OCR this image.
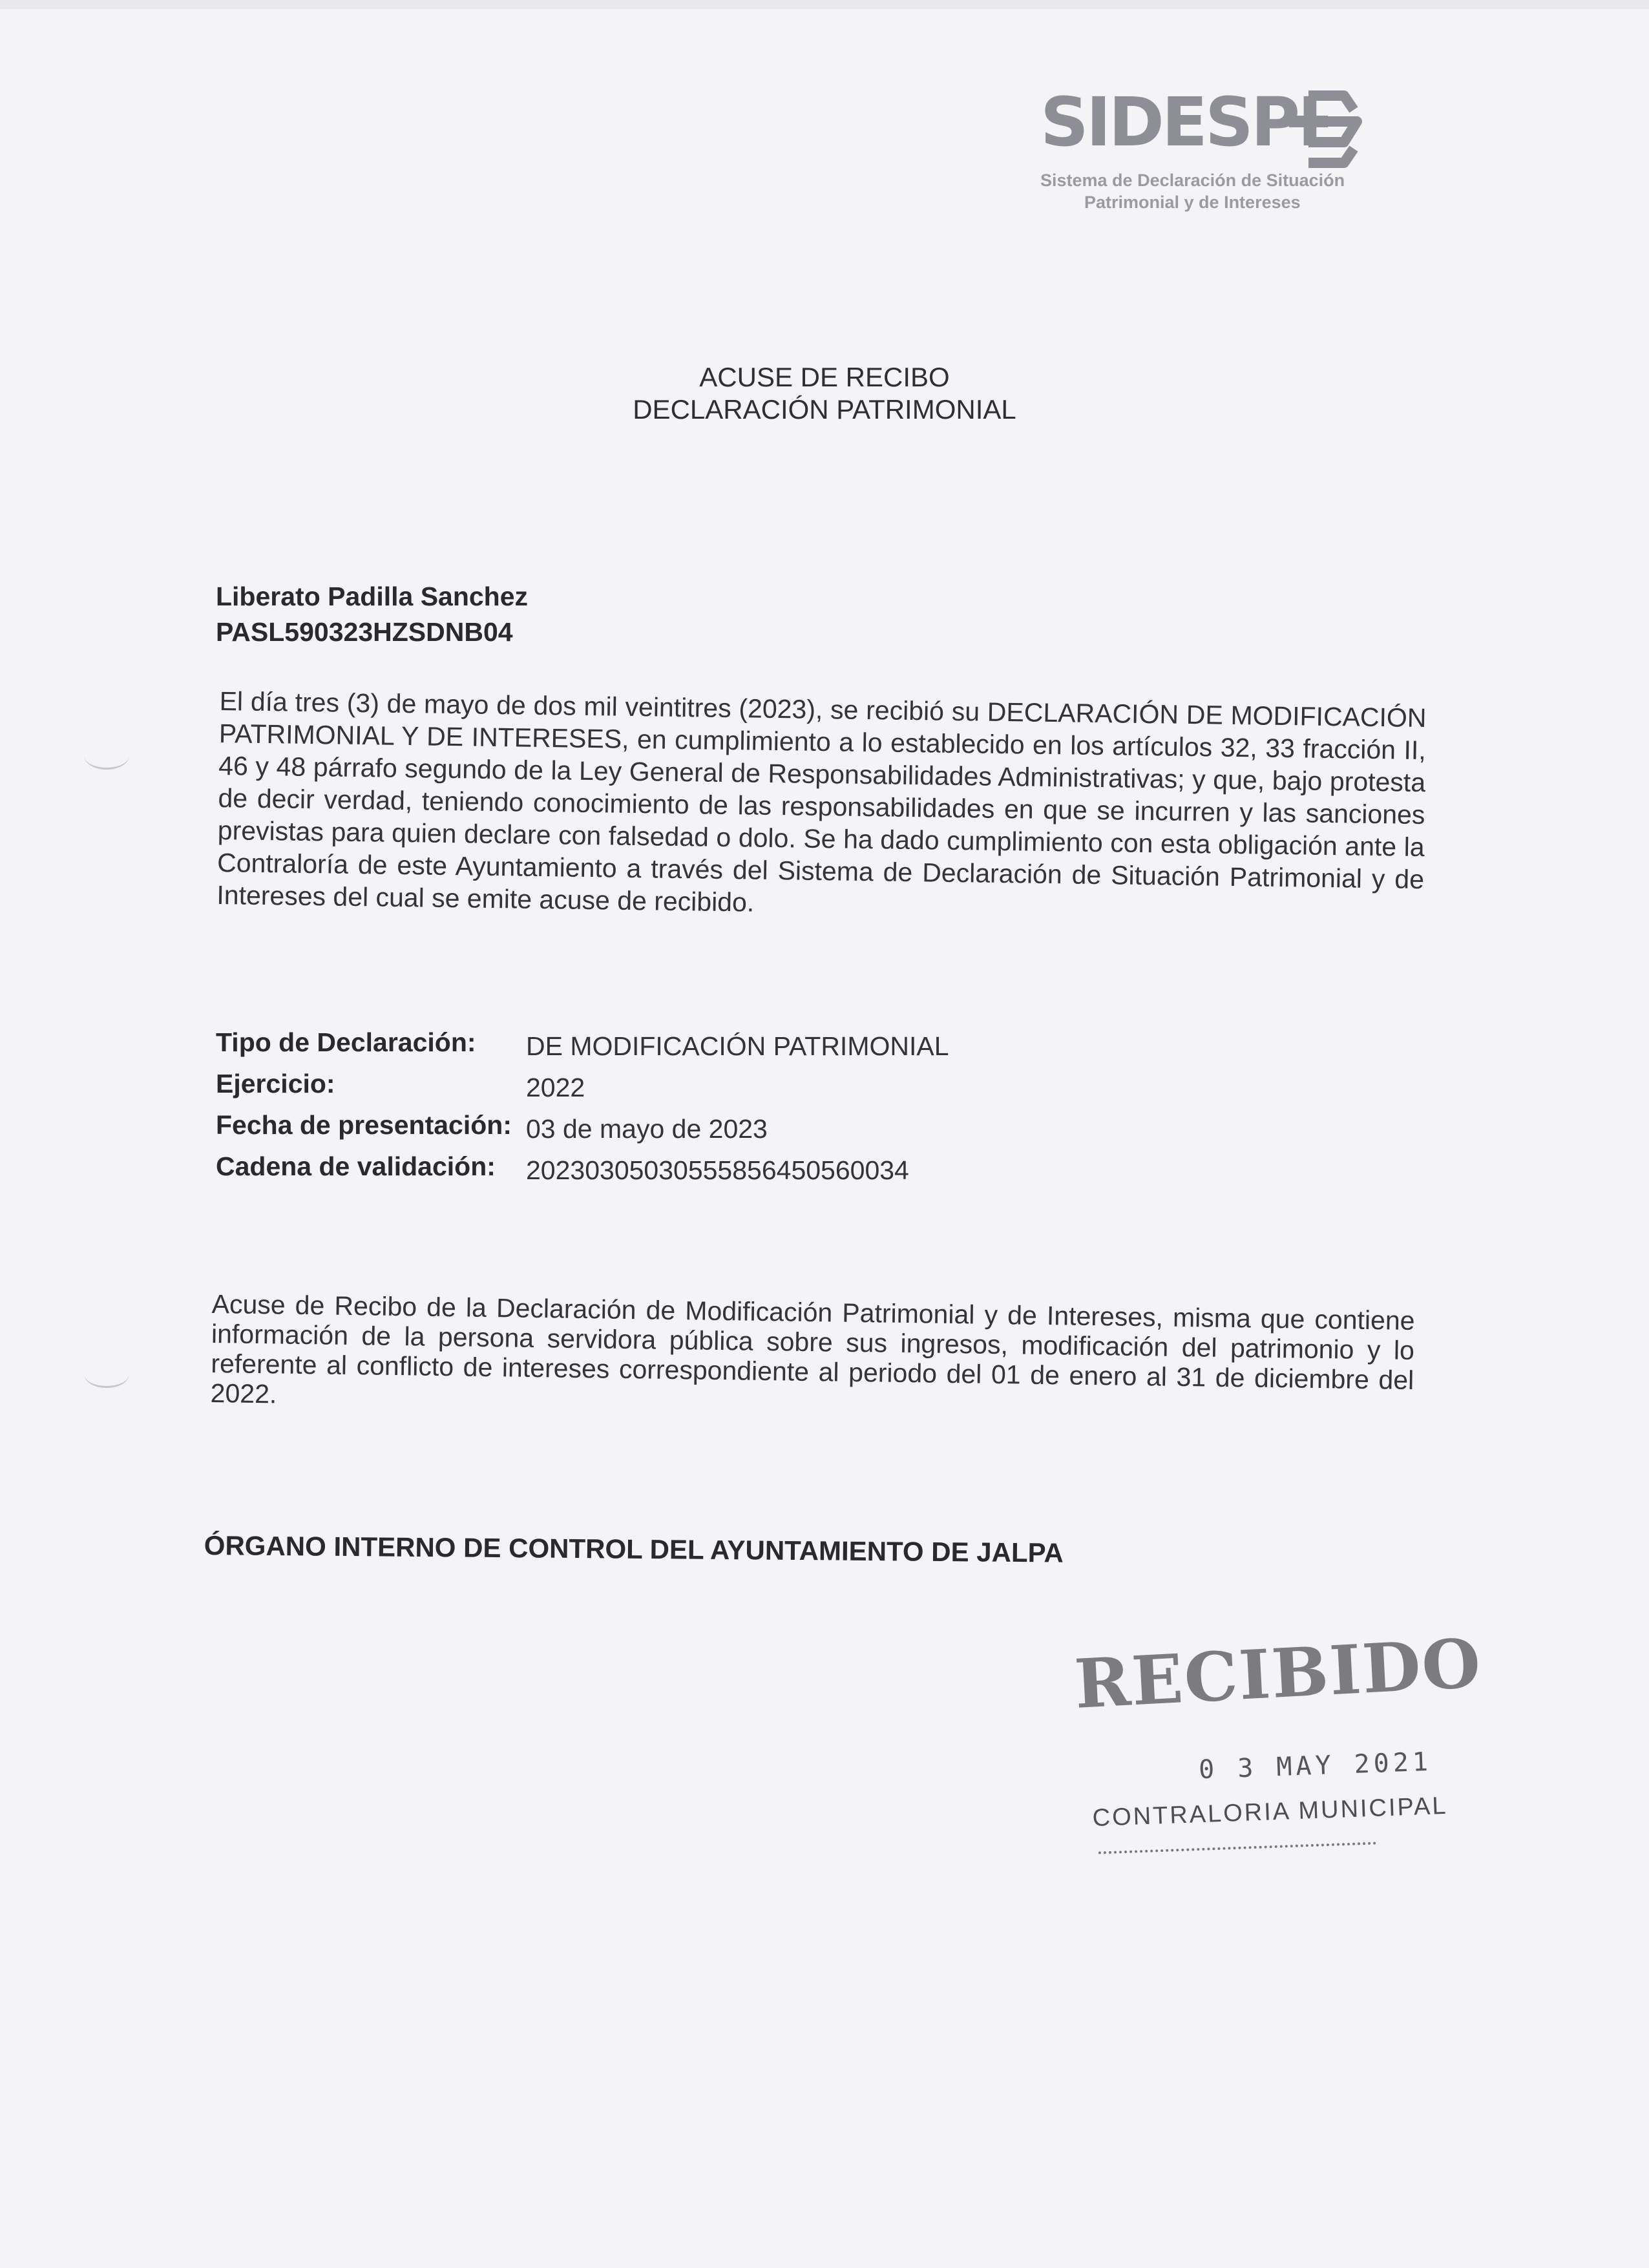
SIDESPI
Sistema de Declaración de Situación
Patrimonial y de Intereses
ACUSE DE RECIBO
DECLARACIÓN PATRIMONIAL
Liberato Padilla Sanchez
PASL590323HZSDNB04
El día tres (3) de mayo de dos mil veintitres (2023), se recibió su DECLARACIÓN DE MODIFICACIÓN PATRIMONIAL Y DE INTERESES, en cumplimiento a lo establecido en los artículos 32, 33 fracción II, 46 y 48 párrafo segundo de la Ley General de Responsabilidades Administrativas; y que, bajo protesta de decir verdad, teniendo conocimiento de las responsabilidades en que se incurren y las sanciones previstas para quien declare con falsedad o dolo. Se ha dado cumplimiento con esta obligación ante la Contraloría de este Ayuntamiento a través del Sistema de Declaración de Situación Patrimonial y de Intereses del cual se emite acuse de recibido.
Tipo de Declaración: DE MODIFICACIÓN PATRIMONIAL
Ejercicio:	2022
Fecha de presentación: 03 de mayo de 2023
Cadena de validación: 20230305030555856450560034
Acuse de Recibo de la Declaración de Modificación Patrimonial y de Intereses, misma que contiene información de la persona servidora pública sobre sus ingresos, modificación del patrimonio y lo referente al conflicto de intereses correspondiente al periodo del 01 de enero al 31 de diciembre del 2022.
ÓRGANO INTERNO DE CONTROL DEL AYUNTAMIENTO DE JALPA
RECIBIDO
0 3 MAY 2021
CONTRALORIA MUNICIPAL
